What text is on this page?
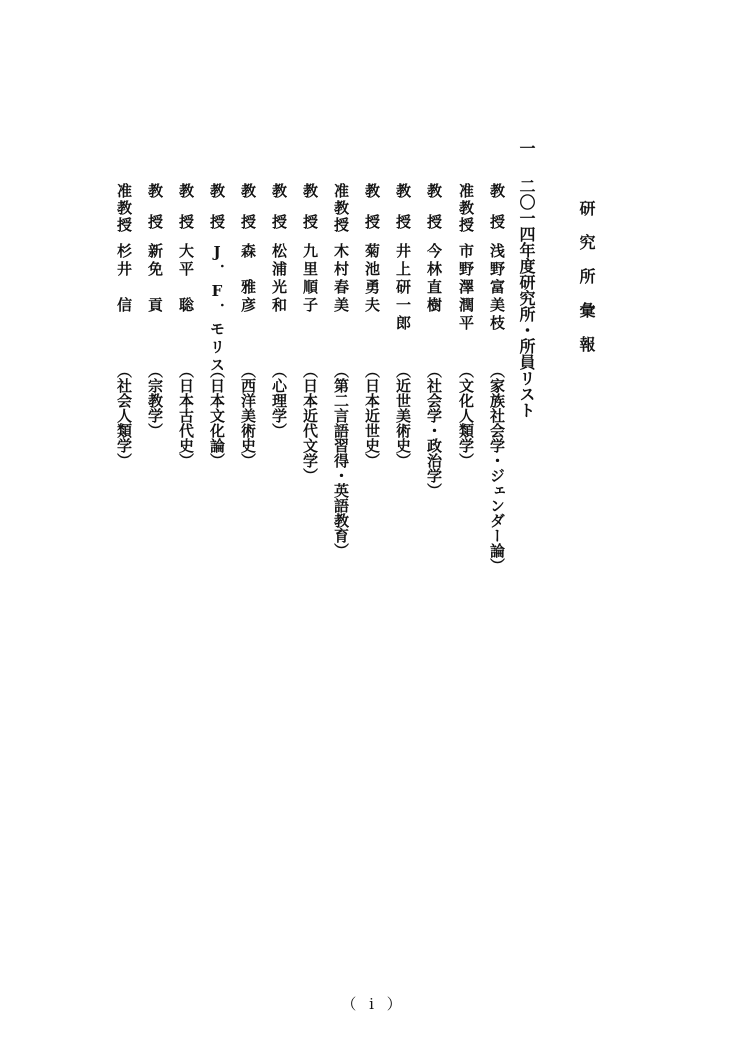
研究所彙報
一二〇一四年度研究所・所員リスト
教授浅野富美枝（家族社会学・ジェンダー論）
准教授市野澤潤平（文化人類学）
教授今林直樹（社会学・政治学）
教授井上研一郎（近世美術史）
教授菊池勇夫（日本近世史）
准教授木村春美（第二言語習得・英語教育）
教授九里順子（日本近代文学）
教授松浦光和（心理学）
教授森　雅彦（西洋美術史）
教授J．F．モリス（日本文化論）
教授大平　聡（日本古代史）
教授新免　貢（宗教学）
准教授杉井　信（社会人類学）
（ i ）
